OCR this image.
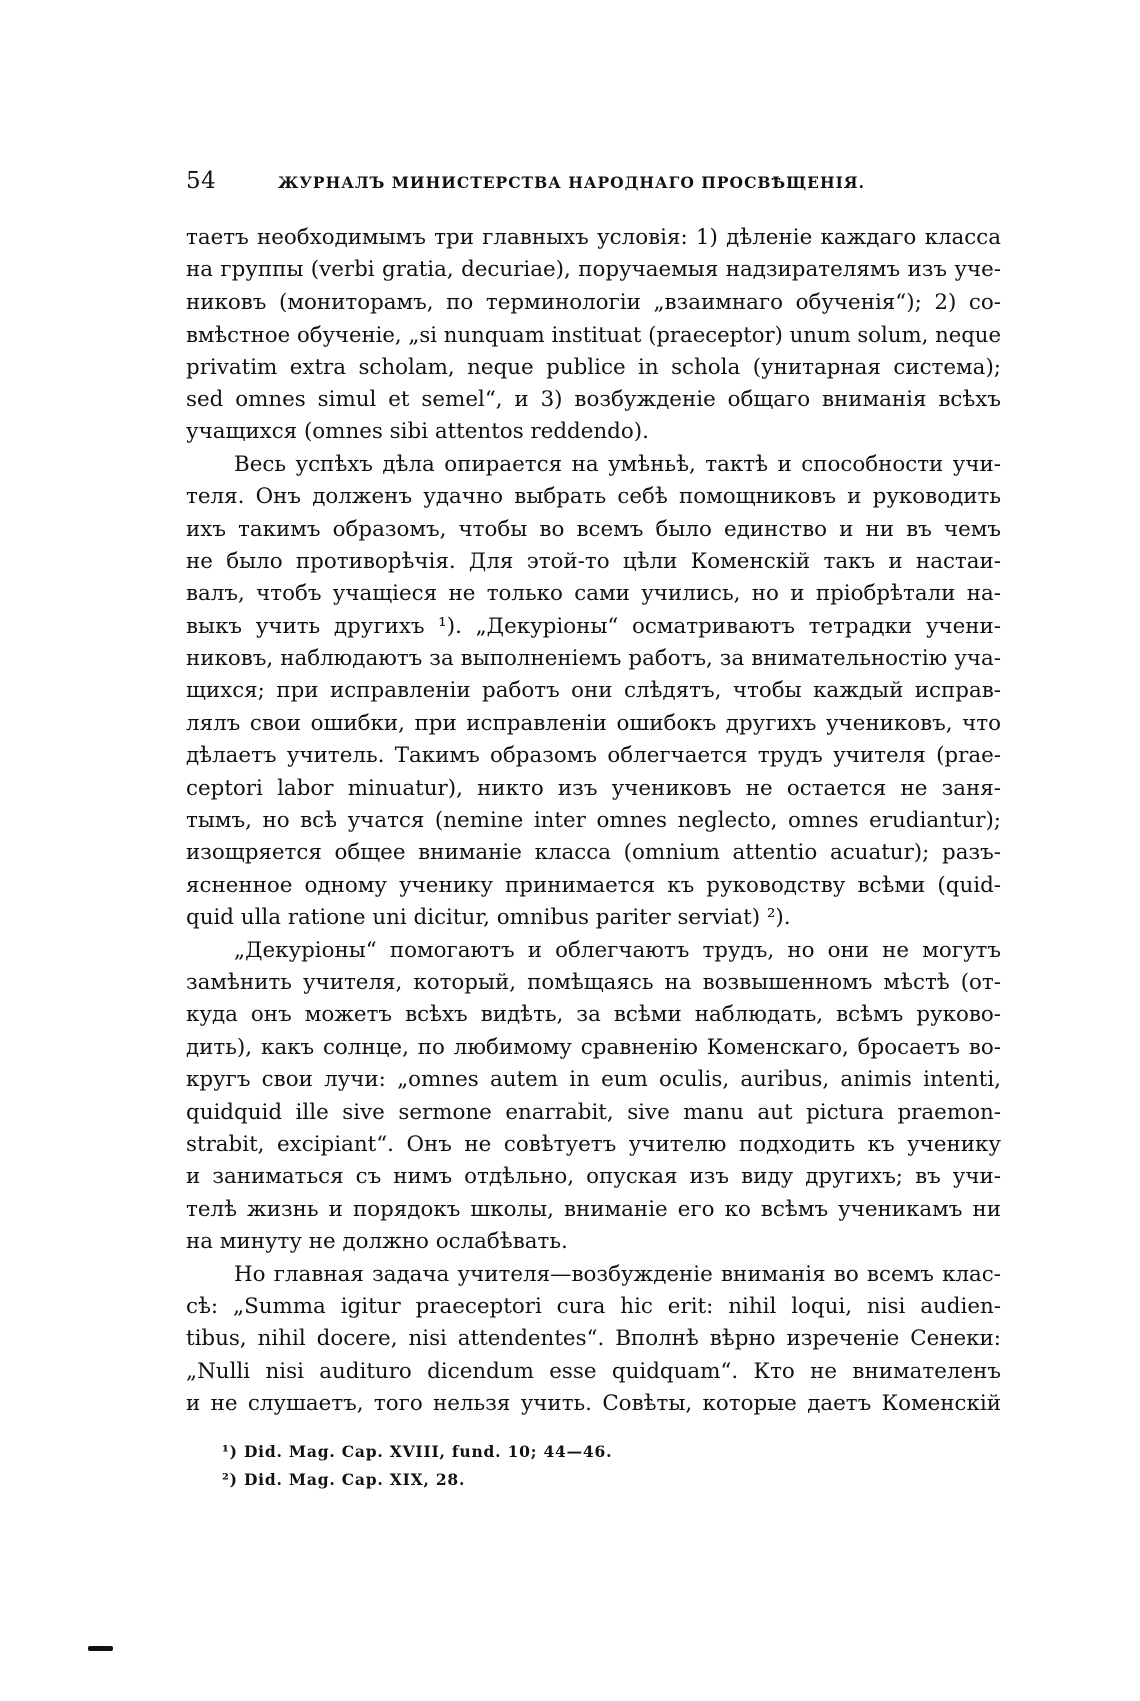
54	ЖУРНАЛЪ МИНИСТЕРСТВА НАРОДНАГО ПРОСВѢЩЕНІЯ.
таетъ необходимымъ три главныхъ условія: 1) дѣленіе каждаго класса
на группы (verbi gratia, decuriae), поручаемыя надзирателямъ изъ уче-
никовъ (мониторамъ, по терминологіи „взаимнаго обученія“); 2) со-
вмѣстное обученіе, „si nunquam instituat (praeceptor) unum solum, neque
privatim extra scholam, neque publice in schola (унитарная система);
sed omnes simul et semel“, и 3) возбужденіе общаго вниманія всѣхъ
учащихся (omnes sibi attentos reddendo).
Весь успѣхъ дѣла опирается на умѣньѣ, тактѣ и способности учи-
теля. Онъ долженъ удачно выбрать себѣ помощниковъ и руководить
ихъ такимъ образомъ, чтобы во всемъ было единство и ни въ чемъ
не было противорѣчія. Для этой-то цѣли Коменскій такъ и настаи-
валъ, чтобъ учащіеся не только сами учились, но и пріобрѣтали на-
выкъ учить другихъ ¹). „Декуріоны“ осматриваютъ тетрадки учени-
никовъ, наблюдаютъ за выполненіемъ работъ, за внимательностію уча-
щихся; при исправленіи работъ они слѣдятъ, чтобы каждый исправ-
лялъ свои ошибки, при исправленіи ошибокъ другихъ учениковъ, что
дѣлаетъ учитель. Такимъ образомъ облегчается трудъ учителя (prae-
ceptori labor minuatur), никто изъ учениковъ не остается не заня-
тымъ, но всѣ учатся (nemine inter omnes neglecto, omnes erudiantur);
изощряется общее вниманіе класса (omnium attentio acuatur); разъ-
ясненное одному ученику принимается къ руководству всѣми (quid-
quid ulla ratione uni dicitur, omnibus pariter serviat) ²).
„Декуріоны“ помогаютъ и облегчаютъ трудъ, но они не могутъ
замѣнить учителя, который, помѣщаясь на возвышенномъ мѣстѣ (от-
куда онъ можетъ всѣхъ видѣть, за всѣми наблюдать, всѣмъ руково-
дить), какъ солнце, по любимому сравненію Коменскаго, бросаетъ во-
кругъ свои лучи: „omnes autem in eum oculis, auribus, animis intenti,
quidquid ille sive sermone enarrabit, sive manu aut pictura praemon-
strabit, excipiant“. Онъ не совѣтуетъ учителю подходить къ ученику
и заниматься съ нимъ отдѣльно, опуская изъ виду другихъ; въ учи-
телѣ жизнь и порядокъ школы, вниманіе его ко всѣмъ ученикамъ ни
на минуту не должно ослабѣвать.
Но главная задача учителя—возбужденіе вниманія во всемъ клас-
сѣ: „Summa igitur praeceptori cura hic erit: nihil loqui, nisi audien-
tibus, nihil docere, nisi attendentes“. Вполнѣ вѣрно изреченіе Сенеки:
„Nulli nisi audituro dicendum esse quidquam“. Кто не внимателенъ
и не слушаетъ, того нельзя учить. Совѣты, которые даетъ Коменскій
¹) Did. Mag. Cap. XVIII, fund. 10; 44—46.
²) Did. Mag. Cap. XIX, 28.
